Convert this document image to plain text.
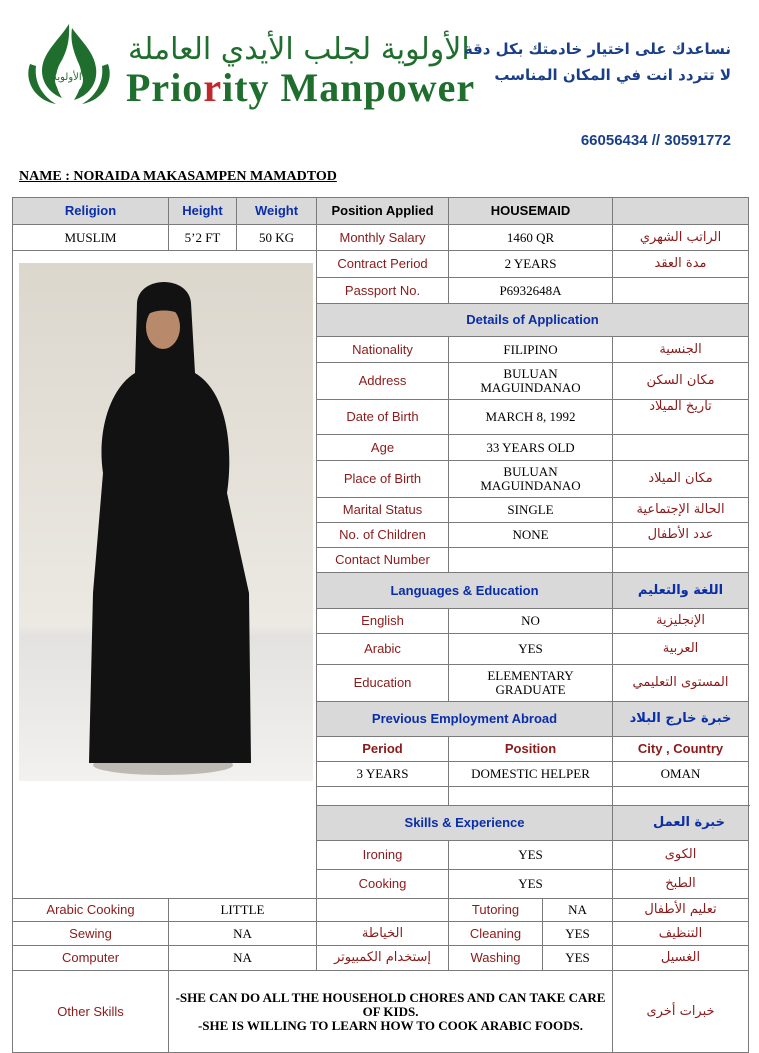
الأولوية
الأولوية لجلب الأيدي العاملة
Priority Manpower
نساعدك على اختيار خادمتك بكل دقة
لا تتردد انت في المكان المناسب
66056434 // 30591772
NAME : NORAIDA MAKASAMPEN MAMADTOD
Religion	Height	Weight	Position Applied	HOUSEMAID			
MUSLIM	5’2 FT	50 KG	Monthly Salary	1460 QR		الراتب الشهري	

	Contract Period	2 YEARS		مدة العقد	
			Passport No.	P6932648A			
			Details of Application				
			Nationality	FILIPINO		الجنسية	
			Address	BULUAN MAGUINDANAO		مكان السكن	
			Date of Birth	MARCH 8, 1992		تاريخ الميلاد	
			Age	33 YEARS OLD			
			Place of Birth	BULUAN MAGUINDANAO		مكان الميلاد	
			Marital Status	SINGLE		الحالة الإجتماعية	
			No. of Children	NONE		عدد الأطفال	
			Contact Number				
			Languages & Education			اللغة والتعليم	
			English	NO		الإنجليزية	
			Arabic	YES		العربية	
			Education	ELEMENTARY GRADUATE		المستوى التعليمي	
			Previous Employment Abroad			خبرة خارج البلاد	
			Period	Position		City , Country	
			3 YEARS	DOMESTIC HELPER		OMAN	

			Skills & Experience			خبرة العمل	
			Ironing	YES		الكوى			
			Cooking	YES		الطبخ			
Arabic Cooking	LITTLE			Tutoring	NA	تعليم الأطفال	
Sewing	NA		الخياطة	Cleaning	YES	التنظيف	
Computer	NA		إستخدام الكمبيوتر	Washing	YES	الغسيل	
Other Skills	-SHE CAN DO ALL THE HOUSEHOLD CHORES AND CAN TAKE CARE OF KIDS.
-SHE IS WILLING TO LEARN HOW TO COOK ARABIC FOODS.					خبرات أخرى	
